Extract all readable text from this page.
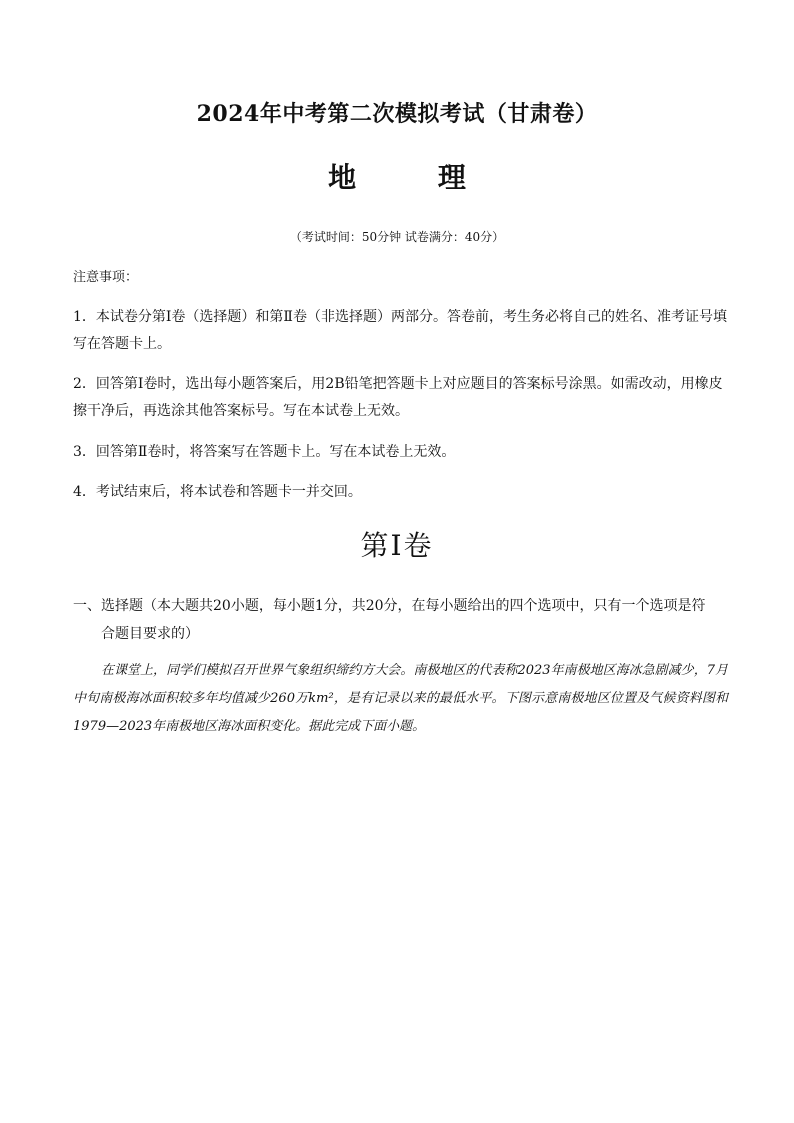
2024年中考第二次模拟考试（甘肃卷）
地 理
（考试时间：50分钟 试卷满分：40分）
注意事项：
1．本试卷分第Ⅰ卷（选择题）和第Ⅱ卷（非选择题）两部分。答卷前，考生务必将自己的姓名、准考证号填写在答题卡上。
2．回答第Ⅰ卷时，选出每小题答案后，用2B铅笔把答题卡上对应题目的答案标号涂黑。如需改动，用橡皮擦干净后，再选涂其他答案标号。写在本试卷上无效。
3．回答第Ⅱ卷时，将答案写在答题卡上。写在本试卷上无效。
4．考试结束后，将本试卷和答题卡一并交回。
第Ⅰ卷
一、选择题（本大题共20小题，每小题1分，共20分，在每小题给出的四个选项中，只有一个选项是符
合题目要求的）
在课堂上，同学们模拟召开世界气象组织缔约方大会。南极地区的代表称2023年南极地区海冰急剧减少，7月中旬南极海冰面积较多年均值减少260万km²，是有记录以来的最低水平。下图示意南极地区位置及气候资料图和1979—2023年南极地区海冰面积变化。据此完成下面小题。
